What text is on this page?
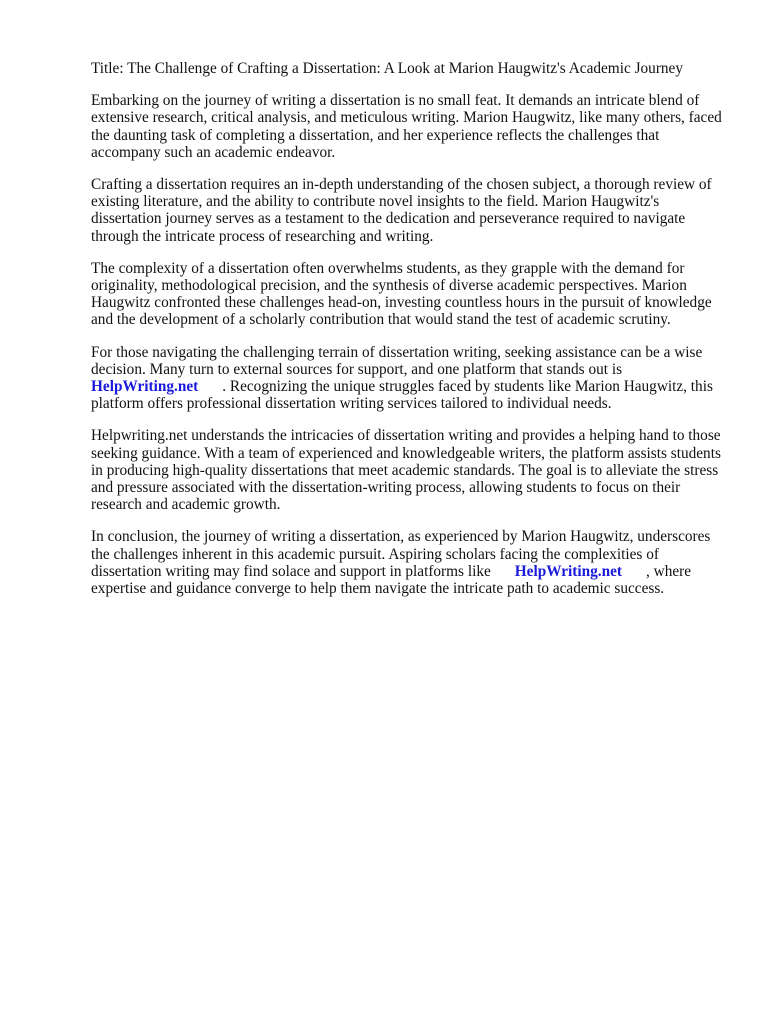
Title: The Challenge of Crafting a Dissertation: A Look at Marion Haugwitz's Academic Journey

Embarking on the journey of writing a dissertation is no small feat. It demands an intricate blend of extensive research, critical analysis, and meticulous writing. Marion Haugwitz, like many others, faced the daunting task of completing a dissertation, and her experience reflects the challenges that accompany such an academic endeavor.

Crafting a dissertation requires an in-depth understanding of the chosen subject, a thorough review of existing literature, and the ability to contribute novel insights to the field. Marion Haugwitz's dissertation journey serves as a testament to the dedication and perseverance required to navigate through the intricate process of researching and writing.

The complexity of a dissertation often overwhelms students, as they grapple with the demand for originality, methodological precision, and the synthesis of diverse academic perspectives. Marion Haugwitz confronted these challenges head-on, investing countless hours in the pursuit of knowledge and the development of a scholarly contribution that would stand the test of academic scrutiny.

For those navigating the challenging terrain of dissertation writing, seeking assistance can be a wise decision. Many turn to external sources for support, and one platform that stands out is
HelpWriting.net . Recognizing the unique struggles faced by students like Marion Haugwitz, this platform offers professional dissertation writing services tailored to individual needs.

Helpwriting.net understands the intricacies of dissertation writing and provides a helping hand to those seeking guidance. With a team of experienced and knowledgeable writers, the platform assists students in producing high-quality dissertations that meet academic standards. The goal is to alleviate the stress and pressure associated with the dissertation-writing process, allowing students to focus on their research and academic growth.

In conclusion, the journey of writing a dissertation, as experienced by Marion Haugwitz, underscores the challenges inherent in this academic pursuit. Aspiring scholars facing the complexities of dissertation writing may find solace and support in platforms like HelpWriting.net , where expertise and guidance converge to help them navigate the intricate path to academic success.
